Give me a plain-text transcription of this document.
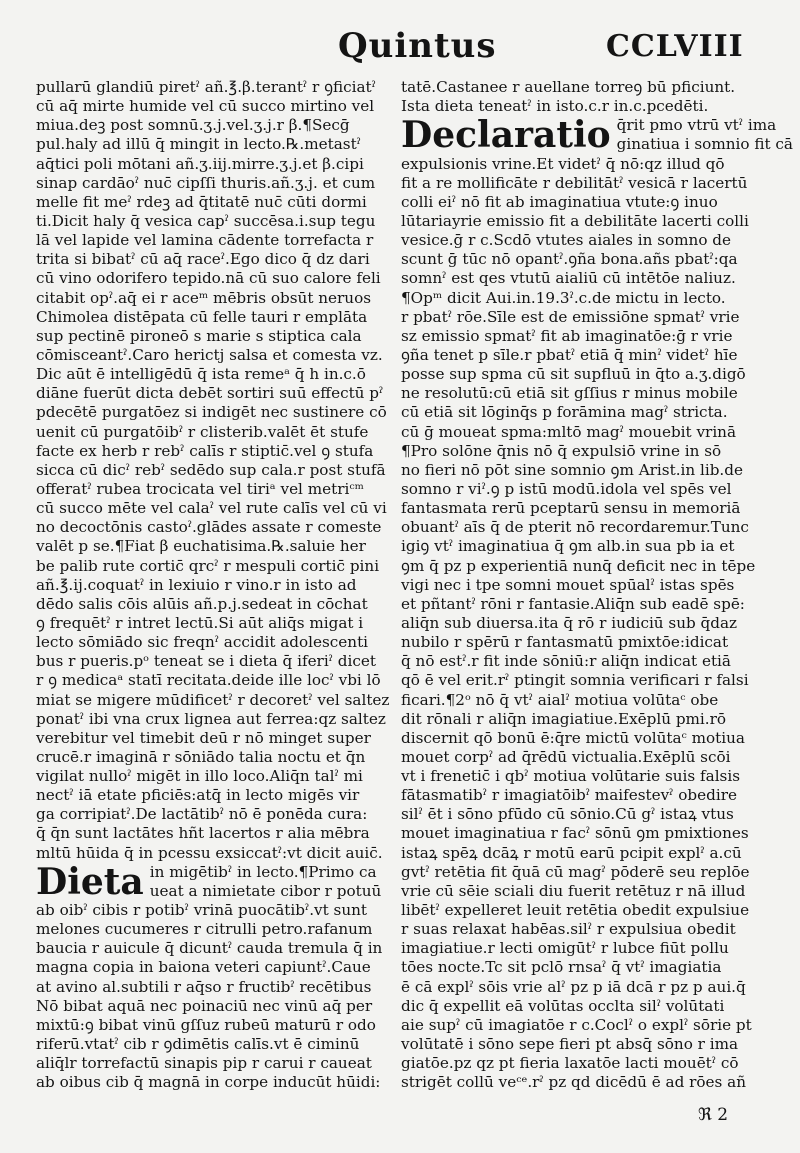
Quintus	CCLVIII
pullarū glandiū piretˀ añ.℥.β.terantˀ r ꝯficiatˀ
cū aq̄ mirte humide vel cū succo mirtino vel
miua.deꝫ post somnū.ʒ.j.vel.ʒ.j.r β.¶Secḡ
pul.haly ad illū q̄ mingit in lecto.℞.metastˀ
aq̄tici poli mōtani añ.ʒ.iij.mirre.ʒ.j.et β.cipi
sinap cardāoˀ nuc̄ cipſſi thuris.añ.ʒ.j. et cum
melle fit meˀ rdeꝫ ad q̄titatē nuc̄ cūti dormi
ti.Dicit haly q̄ vesica capˀ succēsa.i.sup tegu
lā vel lapide vel lamina cādente torrefacta r
trita si bibatˀ cū aq̄ raceˀ.Ego dico q̄ dz dari
cū vino odorifero tepido.nā cū suo calore feli
citabit opˀ.aq̄ ei r aceᵐ mēbris obsūt neruos
Chimolea distēpata cū felle tauri r emplāta
sup pectinē pironeō s marie s stiptica cala
cōmisceantˀ.Caro herictj salsa et comesta vz.
Dic aūt ē intelligēdū q̄ ista remeᵃ q̄ h in.c.ō
diāne fuerūt dicta debēt sortiri suū effectū pˀ
pdecētē purgatōez si indigēt nec sustinere cō
uenit cū purgatōibˀ r clisterib.valēt ēt stufe
facte ex herb r rebˀ calīs r stiptic̄.vel ꝯ stufa
sicca cū dicˀ rebˀ sedēdo sup cala.r post stufā
offeratˀ rubea trocicata vel tiriᵃ vel metriᶜᵐ
cū succo mēte vel calaˀ vel rute calīs vel cū vi
no decoctōnis castoˀ.glādes assate r comeste
valēt p se.¶Fiat β euchatisima.℞.saluie her
be palib rute cortic̄ qrcˀ r mespuli cortic̄ pini
añ.℥.ij.coquatˀ in lexiuio r vino.r in isto ad
dēdo salis cōis alūis añ.p.j.sedeat in cōchat
ꝯ frequētˀ r intret lectū.Si aūt aliq̄s migat i
lecto sōmiādo sic freqnˀ accidit adolescenti
bus r pueris.pᵒ teneat se i dieta q̄ iferiˀ dicet
r ꝯ medicaᵃ statī recitata.deide ille locˀ vbi lō
miat se migere mūdificetˀ r decoretˀ vel saltez
ponatˀ ibi vna crux lignea aut ferrea:qz saltez
verebitur vel timebit deū r nō minget super
crucē.r imaginā r sōniādo talia noctu et q̄n
vigilat nulloˀ migēt in illo loco.Aliq̄n talˀ mi
nectˀ iā etate pficiēs:atq̄ in lecto migēs vir
ga corripiatˀ.De lactātibˀ nō ē ponēda cura:
q̄ q̄n sunt lactātes hñt lacertos r alia mēbra
mltū hūida q̄ in pcessu exsiccatˀ:vt dicit auic̄.
Dieta in migētibˀ in lecto.¶Primo ca
ueat a nimietate cibor r potuū
ab oibˀ cibis r potibˀ vrinā puocātibˀ.vt sunt
melones cucumeres r citrulli petro.rafanum
baucia r auicule q̄ dicuntˀ cauda tremula q̄ in
magna copia in baiona veteri capiuntˀ.Caue
at avino al.subtili r aq̄so r fructibˀ recētibus
Nō bibat aquā nec poinaciū nec vinū aq̄ per
mixtū:ꝯ bibat vinū gſſuz rubeū maturū r odo
riferū.vtatˀ cib r ꝯdimētis calīs.vt ē ciminū
aliq̄lr torrefactū sinapis pip r carui r caueat
ab oibus cib q̄ magnā in corpe inducūt hūidi:
tatē.Castanee r auellane torreꝯ bū pficiunt.
Ista dieta teneatˀ in isto.c.r in.c.pcedēti.
Declaratio q̄rit pmo vtrū vtˀ ima
ginatiua i somnio fit cā
expulsionis vrine.Et videtˀ q̄ nō:qz illud qō
fit a re mollificāte r debilitātˀ vesicā r lacertū
colli eiˀ nō fit ab imaginatiua vtute:ꝯ inuo
lūtariayrie emissio fit a debilitāte lacerti colli
vesice.ḡ r c.Scdō vtutes aiales in somno de
scunt ḡ tūc nō opantˀ.ꝯña bona.añs pbatˀ:qa
somnˀ est qes vtutū aialiū cū intētōe naliuz.
¶Opᵐ dicit Aui.in.19.3ˀ.c.de mictu in lecto.
r pbatˀ rōe.Sīle est de emissiōne spmatˀ vrie
sz emissio spmatˀ fit ab imaginatōe:ḡ r vrie
ꝯña tenet p sīle.r pbatˀ etiā q̄ minˀ videtˀ hīe
posse sup spma cū sit supfluū in q̄to a.ʒ.digō
ne resolutū:cū etiā sit gſſius r minus mobile
cū etiā sit lōginq̄s p forāmina magˀ stricta.
cū ḡ moueat spma:mltō magˀ mouebit vrinā
¶Pro solōne q̄nis nō q̄ expulsiō vrine in sō
no fieri nō pōt sine somnio ꝯm Arist.in lib.de
somno r viˀ.ꝯ p istū modū.idola vel spēs vel
fantasmata rerū pceptarū sensu in memoriā
obuantˀ aīs q̄ de pterit nō recordaremur.Tunc
igiꝯ vtˀ imaginatiua q̄ ꝯm alb.in sua pb ia et
ꝯm q̄ pz p experientiā nunq̄ deficit nec in tēpe
vigi nec i tpe somni mouet spūalˀ istas spēs
et pñtantˀ rōni r fantasie.Aliq̄n sub eadē spē:
aliq̄n sub diuersa.ita q̄ rō r iudiciū sub q̄daz
nubilo r spērū r fantasmatū pmixtōe:idicat
q̄ nō estˀ.r fit inde sōniū:r aliq̄n indicat etiā
qō ē vel erit.rˀ ptingit somnia verificari r falsi
ficari.¶2ᵒ nō q̄ vtˀ aialˀ motiua volūtaᶜ obe
dit rōnali r aliq̄n imagiatiue.Exēplū pmi.rō
discernit qō bonū ē:q̄re mictū volūtaᶜ motiua
mouet corpˀ ad q̄rēdū victualia.Exēplū scōi
vt i frenetic̄ i qbˀ motiua volūtarie suis falsis
fātasmatibˀ r imagiatōibˀ maifestevˀ obedire
silˀ ēt i sōno pfūdo cū sōnio.Cū gˀ istaꝝ vtus
mouet imaginatiua r facˀ sōnū ꝯm pmixtiones
istaꝝ spēꝝ dcāꝝ r motū earū pcipit explˀ a.cū
gvtˀ retētia fit q̄uā cū magˀ pōderē seu replōe
vrie cū sēie sciali diu fuerit retētuz r nā illud
libētˀ expelleret leuit retētia obedit expulsiue
r suas relaxat habēas.silˀ r expulsiua obedit
imagiatiue.r lecti omigūtˀ r lubce fiūt pollu
tōes nocte.Tc sit pclō rnsaˀ q̄ vtˀ imagiatia
ē cā explˀ sōis vrie alˀ pz p iā dcā r pz p aui.q̄
dic q̄ expellit eā volūtas occlta silˀ volūtati
aie supˀ cū imagiatōe r c.Coclˀ o explˀ sōrie pt
volūtatē i sōno sepe fieri pt absq̄ sōno r ima
giatōe.pz qz pt fieria laxatōe lacti mouētˀ cō
strigēt collū veᶜᵉ.rˀ pz qd dicēdū ē ad rōes añ
ℜ 2
